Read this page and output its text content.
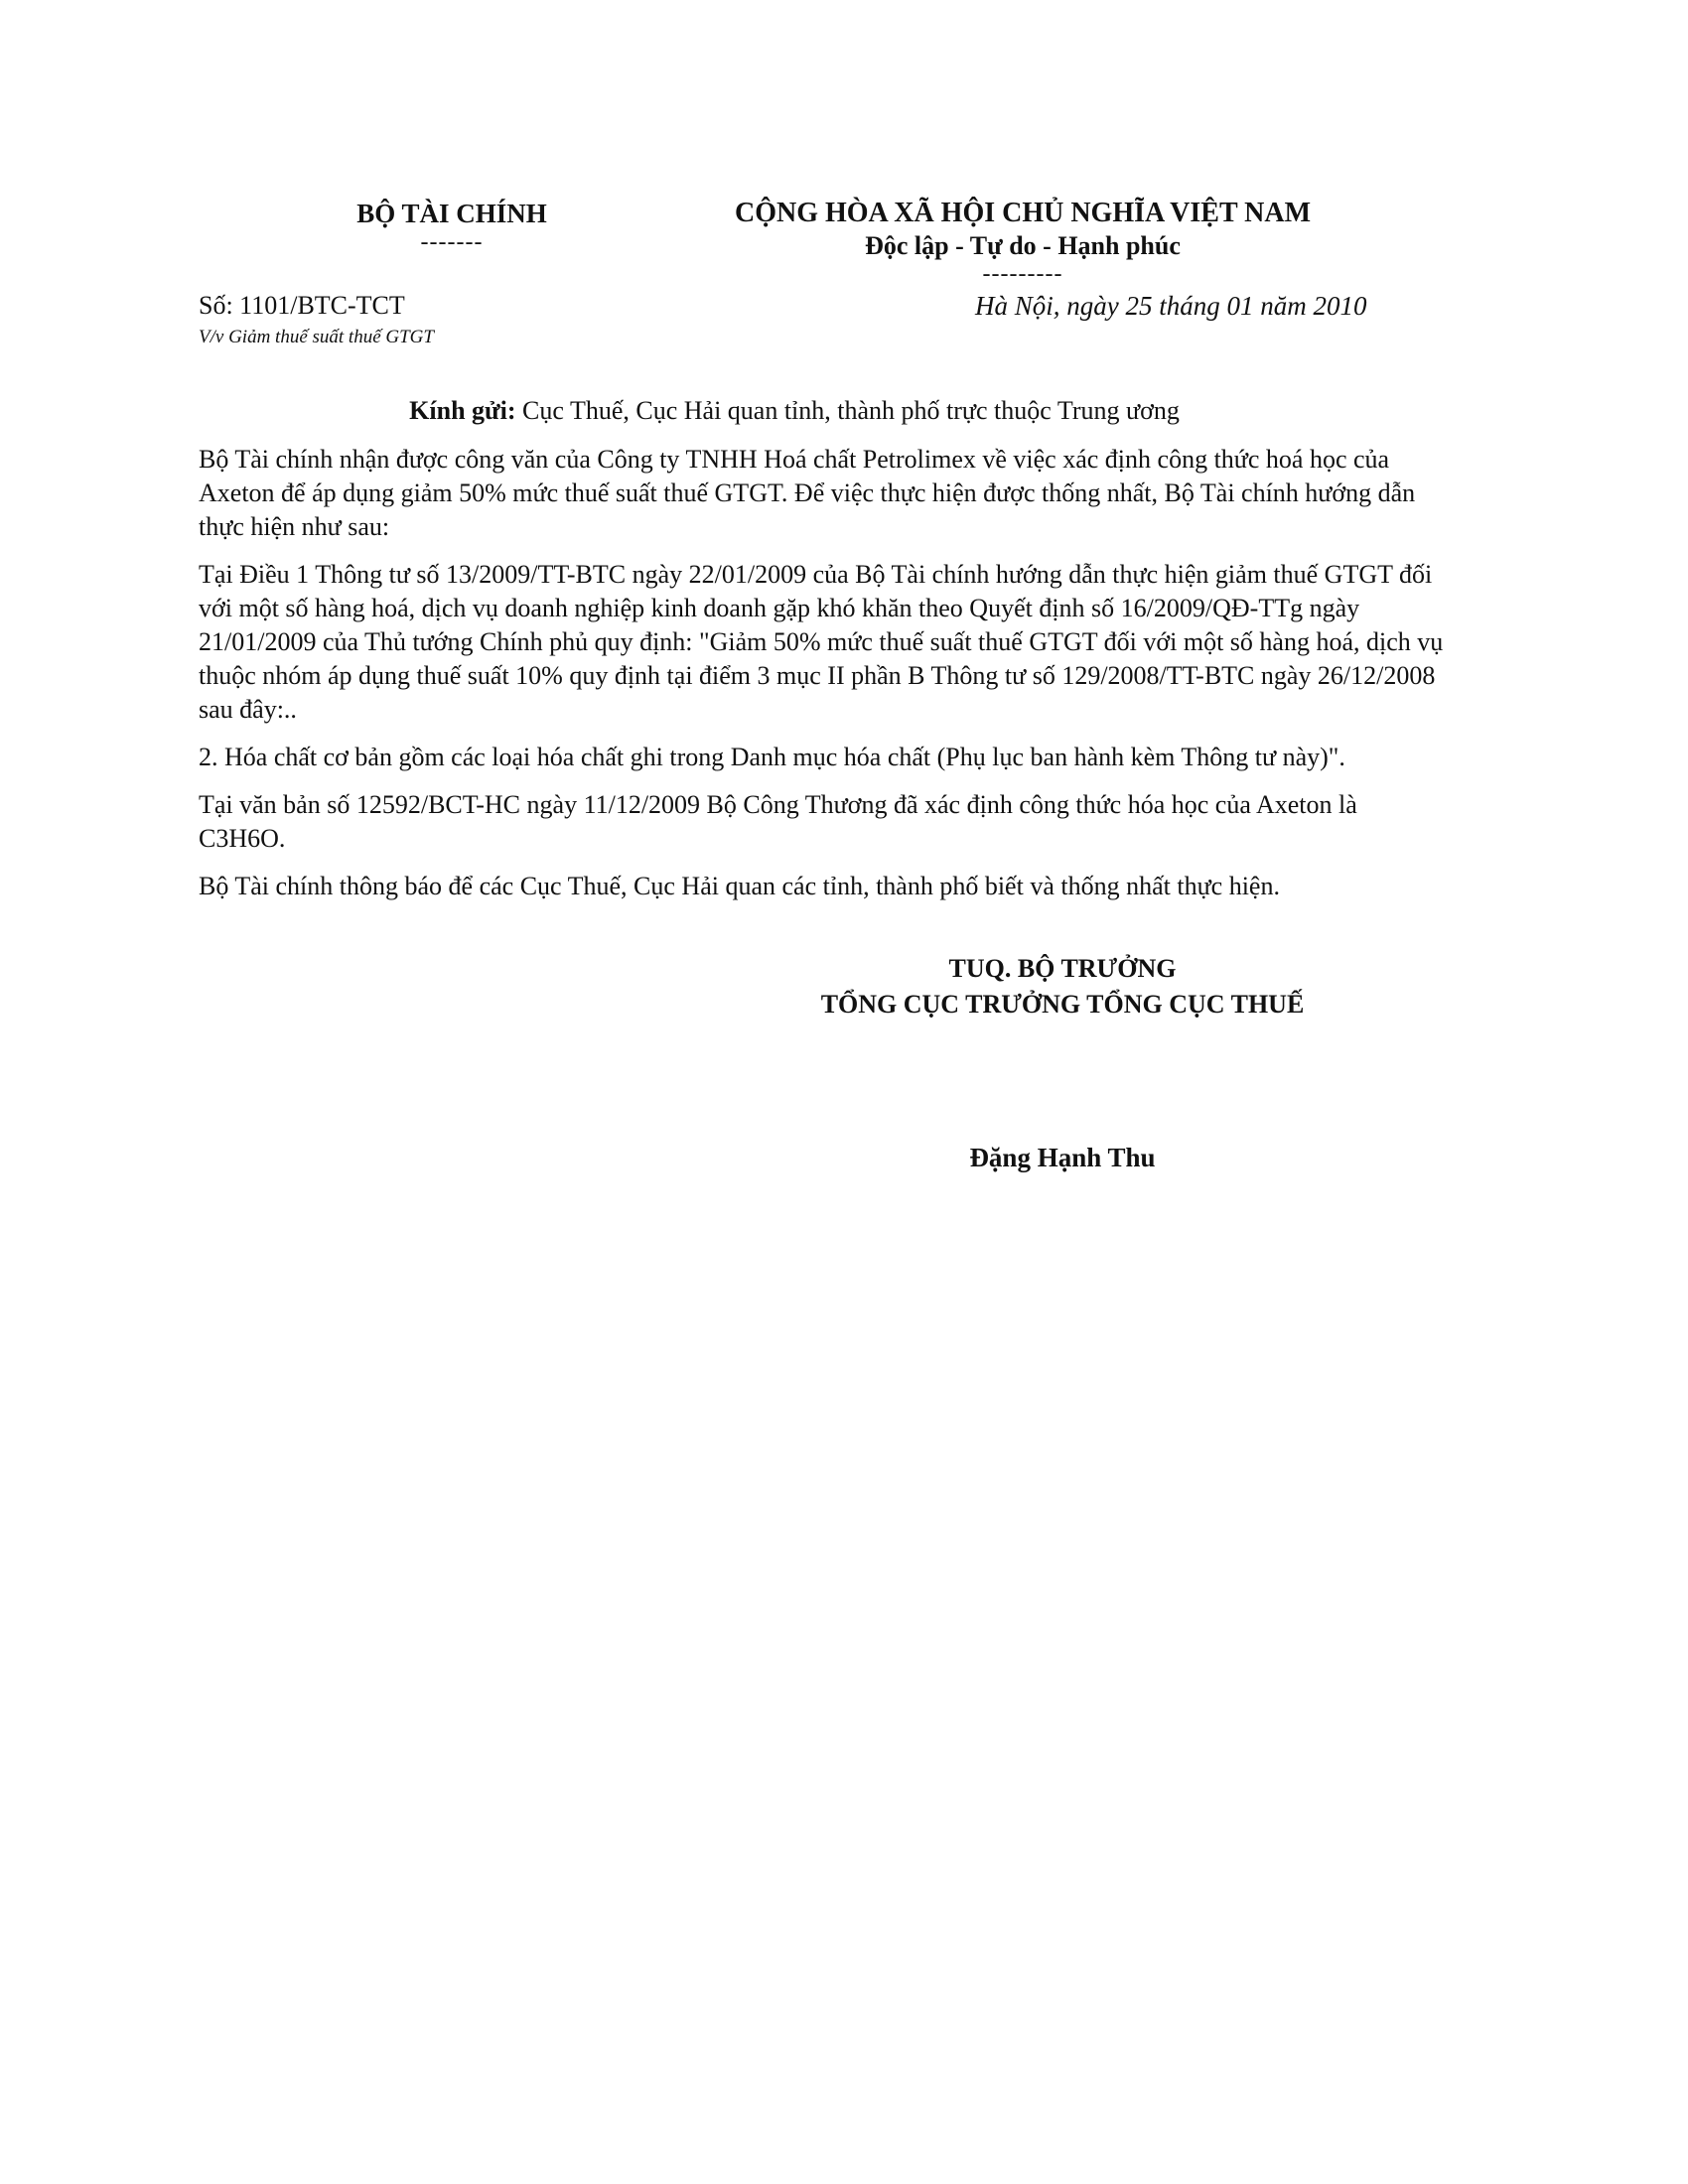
BỘ TÀI CHÍNH
-------
CỘNG HÒA XÃ HỘI CHỦ NGHĨA VIỆT NAM
Độc lập - Tự do - Hạnh phúc
---------
Số: 1101/BTC-TCT
V/v Giảm thuế suất thuế GTGT
Hà Nội, ngày 25 tháng 01 năm 2010
Kính gửi: Cục Thuế, Cục Hải quan tỉnh, thành phố trực thuộc Trung ương

Bộ Tài chính nhận được công văn của Công ty TNHH Hoá chất Petrolimex về việc xác định công thức hoá học của Axeton để áp dụng giảm 50% mức thuế suất thuế GTGT. Để việc thực hiện được thống nhất, Bộ Tài chính hướng dẫn thực hiện như sau:

Tại Điều 1 Thông tư số 13/2009/TT-BTC ngày 22/01/2009 của Bộ Tài chính hướng dẫn thực hiện giảm thuế GTGT đối với một số hàng hoá, dịch vụ doanh nghiệp kinh doanh gặp khó khăn theo Quyết định số 16/2009/QĐ-TTg ngày 21/01/2009 của Thủ tướng Chính phủ quy định: "Giảm 50% mức thuế suất thuế GTGT đối với một số hàng hoá, dịch vụ thuộc nhóm áp dụng thuế suất 10% quy định tại điểm 3 mục II phần B Thông tư số 129/2008/TT-BTC ngày 26/12/2008 sau đây:..

2. Hóa chất cơ bản gồm các loại hóa chất ghi trong Danh mục hóa chất (Phụ lục ban hành kèm Thông tư này)".

Tại văn bản số 12592/BCT-HC ngày 11/12/2009 Bộ Công Thương đã xác định công thức hóa học của Axeton là C3H6O.

Bộ Tài chính thông báo để các Cục Thuế, Cục Hải quan các tỉnh, thành phố biết và thống nhất thực hiện.

TUQ. BỘ TRƯỞNG
TỔNG CỤC TRƯỞNG TỔNG CỤC THUẾ
Đặng Hạnh Thu
